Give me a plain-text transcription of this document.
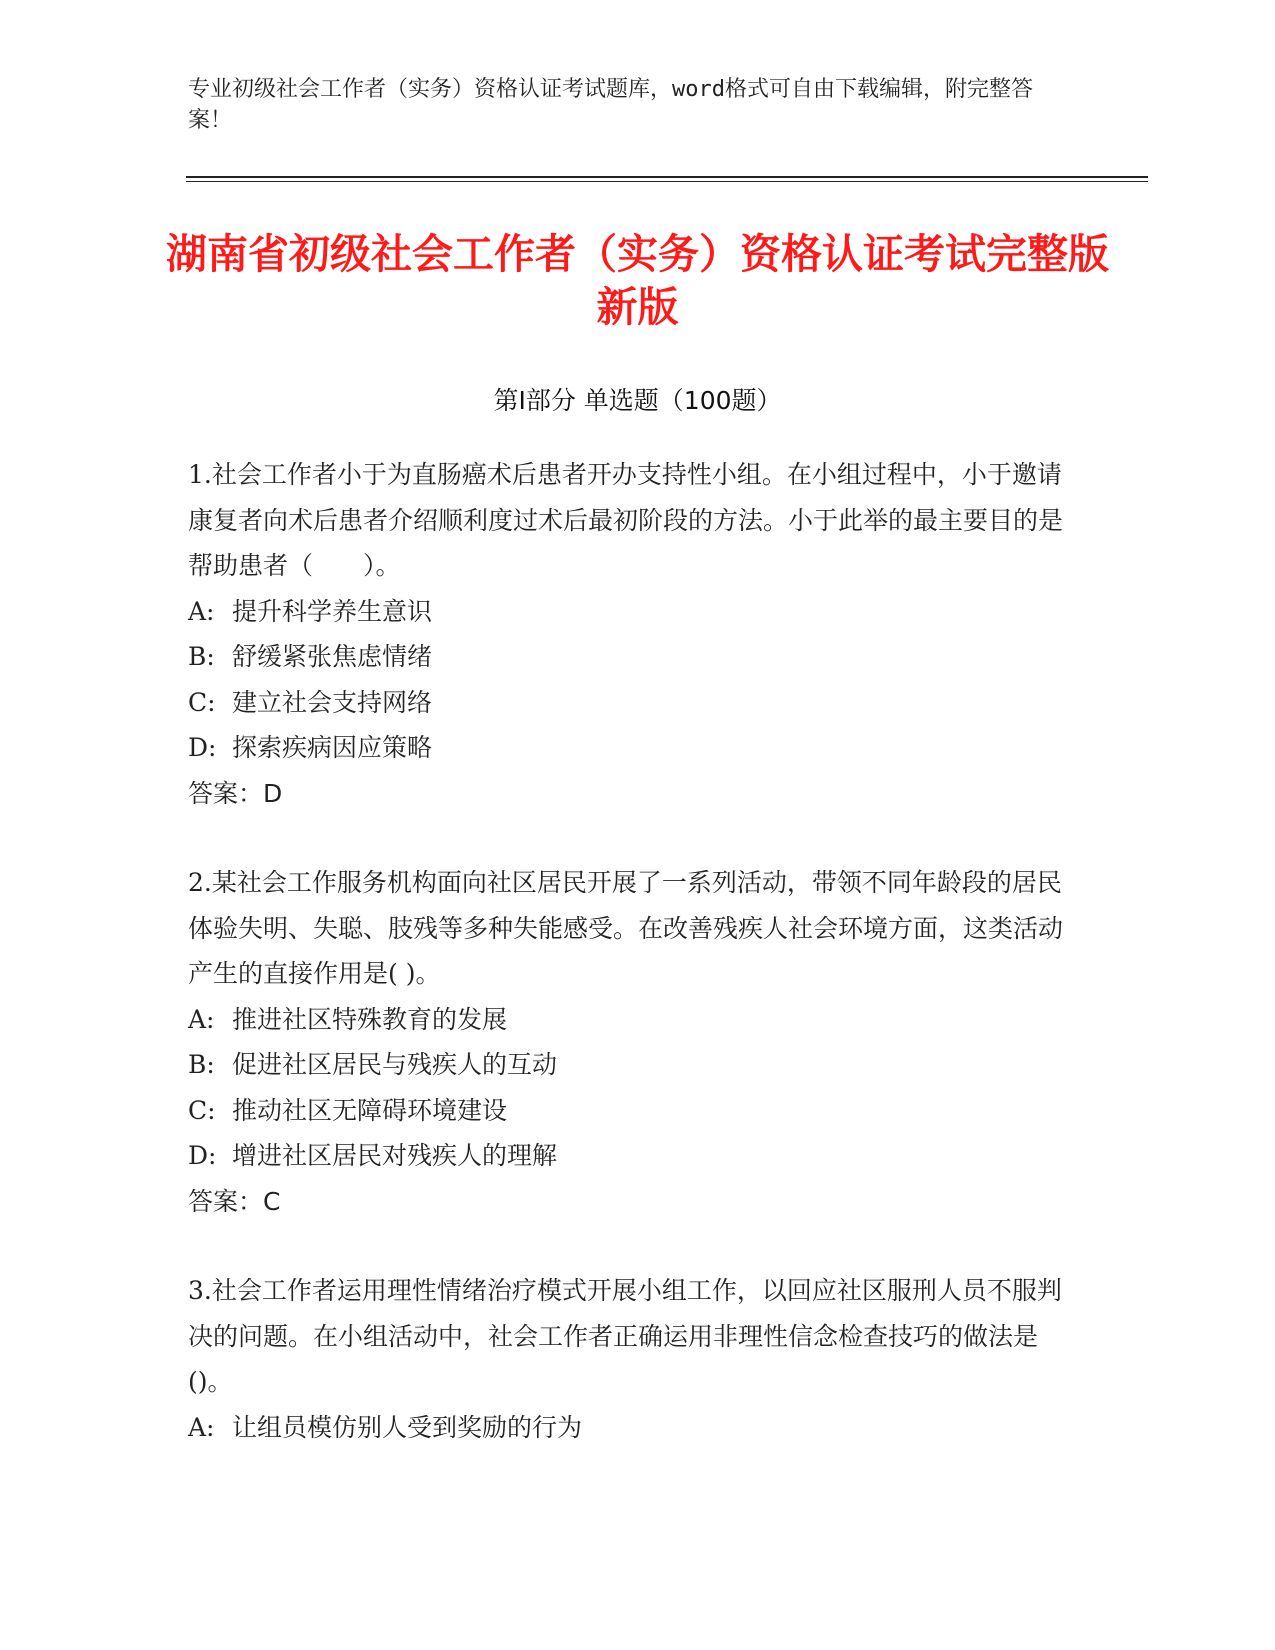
专业初级社会工作者（实务）资格认证考试题库，word格式可自由下载编辑，附完整答案！
湖南省初级社会工作者（实务）资格认证考试完整版新版
第Ⅰ部分 单选题（100题）

1.社会工作者小于为直肠癌术后患者开办支持性小组。在小组过程中，小于邀请康复者向术后患者介绍顺利度过术后最初阶段的方法。小于此举的最主要目的是帮助患者（　　）。

A: 提升科学养生意识

B: 舒缓紧张焦虑情绪

C: 建立社会支持网络

D: 探索疾病因应策略

答案：D

2.某社会工作服务机构面向社区居民开展了一系列活动，带领不同年龄段的居民体验失明、失聪、肢残等多种失能感受。在改善残疾人社会环境方面，这类活动产生的直接作用是( )。

A: 推进社区特殊教育的发展

B: 促进社区居民与残疾人的互动

C: 推动社区无障碍环境建设

D: 增进社区居民对残疾人的理解

答案：C

3.社会工作者运用理性情绪治疗模式开展小组工作，以回应社区服刑人员不服判决的问题。在小组活动中，社会工作者正确运用非理性信念检查技巧的做法是()。

A: 让组员模仿别人受到奖励的行为
